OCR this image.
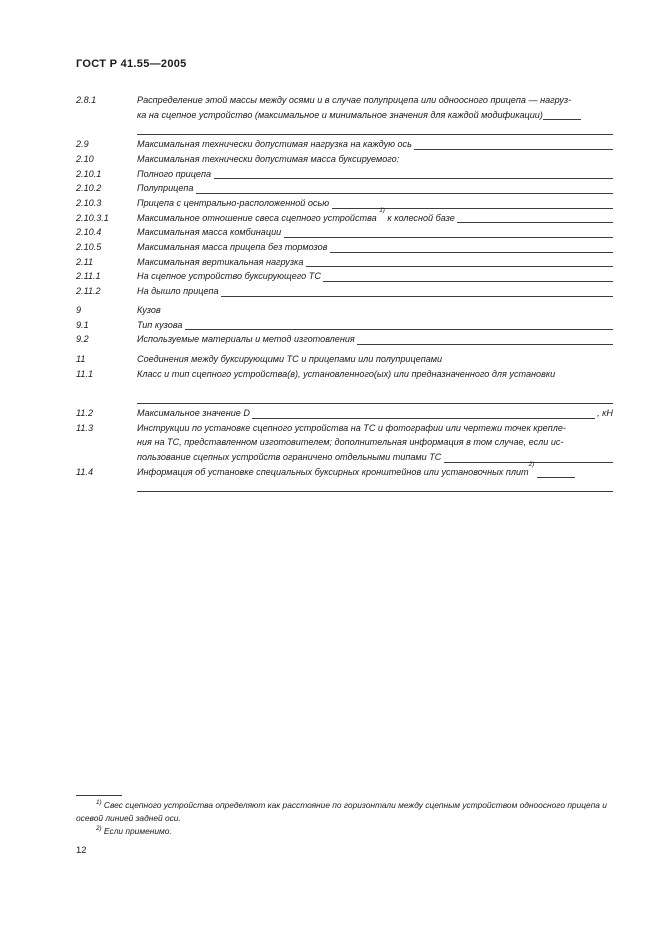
ГОСТ Р 41.55—2005
2.8.1	Распределение этой массы между осями и в случае полуприцепа или одноосного прицепа — нагруз-
ка на сцепное устройство (максимальное и минимальное значения для каждой модификации)
2.9	Максимальная технически допустимая нагрузка на каждую ось
2.10	Максимальная технически допустимая масса буксируемого:
2.10.1	Полного прицепа
2.10.2	Полуприцепа
2.10.3	Прицепа с центрально-расположенной осью
2.10.3.1	Максимальное отношение свеса сцепного устройства
1)
к колесной базе
2.10.4	Максимальная масса комбинации
2.10.5	Максимальная масса прицепа без тормозов
2.11	Максимальная вертикальная нагрузка
2.11.1	На сцепное устройство буксирующего ТС
2.11.2	На дышло прицепа
9	Кузов
9.1	Тип кузова
9.2	Используемые материалы и метод изготовления
11	Соединения между буксирующими ТС и прицепами или полуприцепами
11.1	Класс и тип сцепного устройства(в), установленного(ых) или предназначенного для установки
11.2	Максимальное значение D	, кН
11.3	Инструкции по установке сцепного устройства на ТС и фотографии или чертежи точек крепле-
ния на ТС, представленном изготовителем; дополнительная информация в том случае, если ис-
пользование сцепных устройств ограничено отдельными типами ТС
11.4	Информация об установке специальных буксирных кронштейнов или установочных плит
2)

$^{1)}$ Свес сцепного устройства определяют как расстояние по горизонтали между сцепным устройством одноосного прицепа и осевой линией задней оси.

$^{2)}$ Если применимо.

12
